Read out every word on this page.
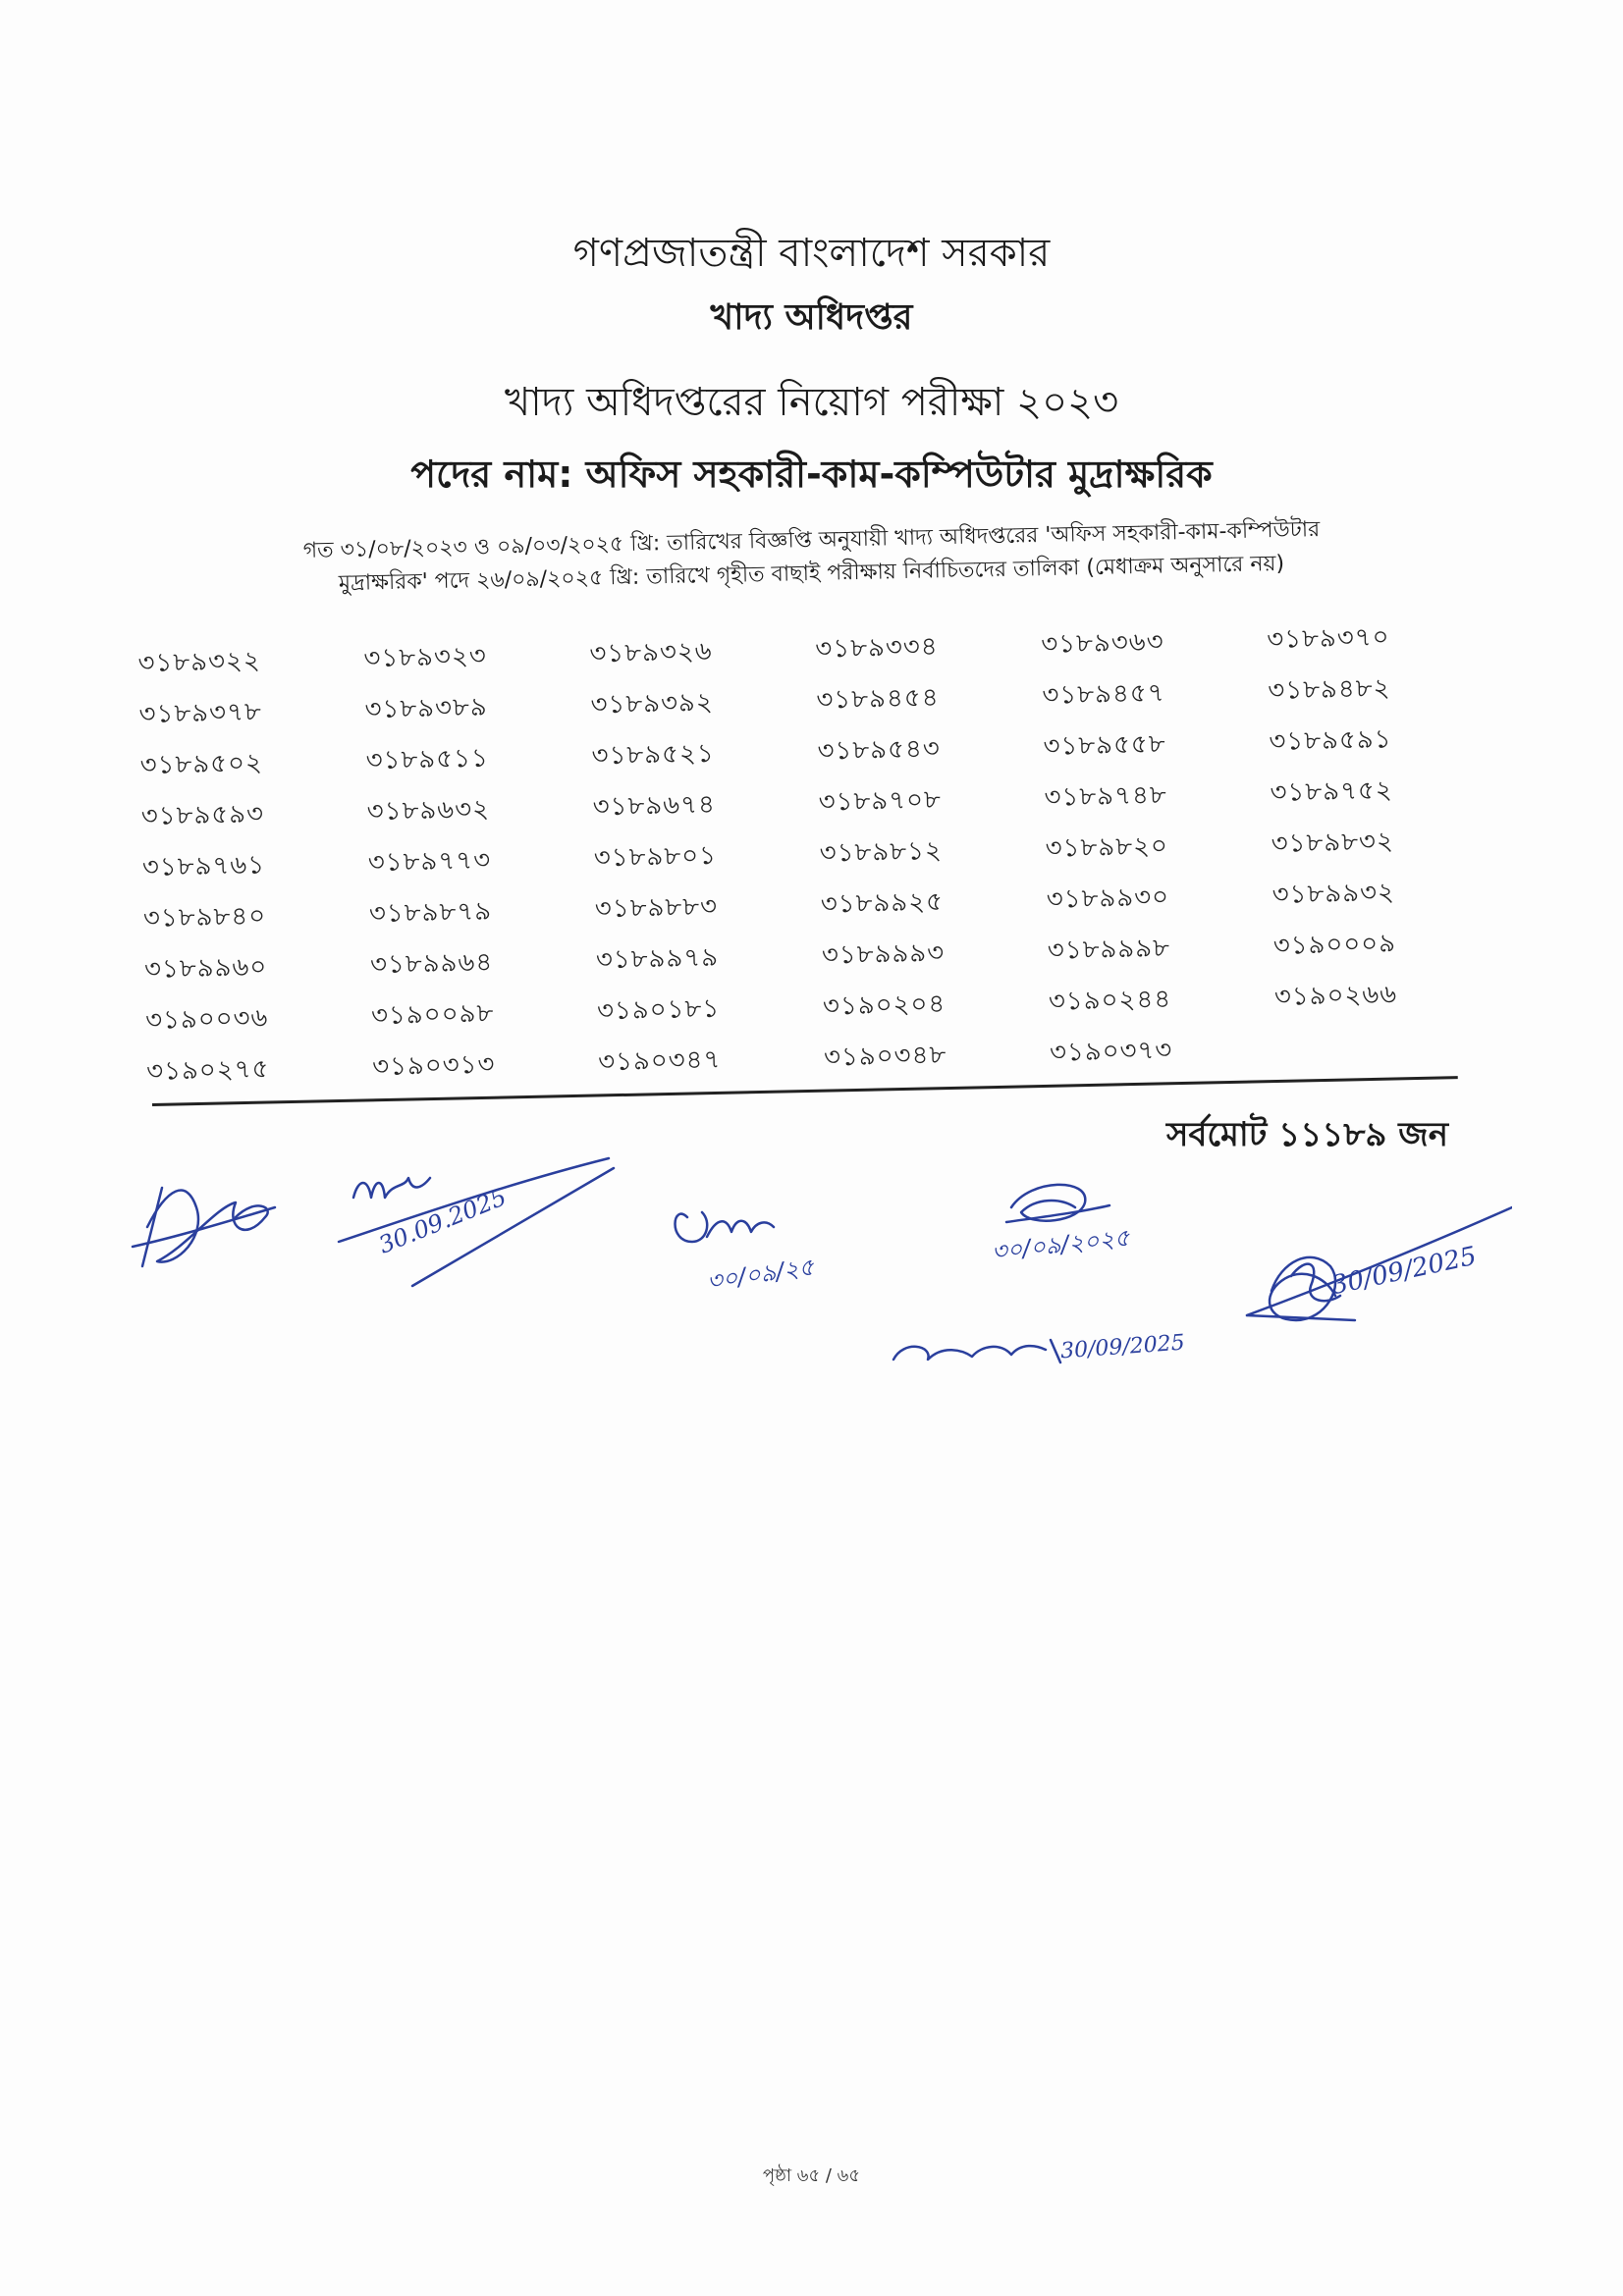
গণপ্রজাতন্ত্রী বাংলাদেশ সরকার
খাদ্য অধিদপ্তর
খাদ্য অধিদপ্তরের নিয়োগ পরীক্ষা ২০২৩
পদের নাম: অফিস সহকারী-কাম-কম্পিউটার মুদ্রাক্ষরিক
গত ৩১/০৮/২০২৩ ও ০৯/০৩/২০২৫ খ্রি: তারিখের বিজ্ঞপ্তি অনুযায়ী খাদ্য অধিদপ্তরের 'অফিস সহকারী-কাম-কম্পিউটার
মুদ্রাক্ষরিক' পদে ২৬/০৯/২০২৫ খ্রি: তারিখে গৃহীত বাছাই পরীক্ষায় নির্বাচিতদের তালিকা (মেধাক্রম অনুসারে নয়)
৩১৮৯৩২২	৩১৮৯৩২৩	৩১৮৯৩২৬	৩১৮৯৩৩৪	৩১৮৯৩৬৩	৩১৮৯৩৭০
৩১৮৯৩৭৮	৩১৮৯৩৮৯	৩১৮৯৩৯২	৩১৮৯৪৫৪	৩১৮৯৪৫৭	৩১৮৯৪৮২
৩১৮৯৫০২	৩১৮৯৫১১	৩১৮৯৫২১	৩১৮৯৫৪৩	৩১৮৯৫৫৮	৩১৮৯৫৯১
৩১৮৯৫৯৩	৩১৮৯৬৩২	৩১৮৯৬৭৪	৩১৮৯৭০৮	৩১৮৯৭৪৮	৩১৮৯৭৫২
৩১৮৯৭৬১	৩১৮৯৭৭৩	৩১৮৯৮০১	৩১৮৯৮১২	৩১৮৯৮২০	৩১৮৯৮৩২
৩১৮৯৮৪০	৩১৮৯৮৭৯	৩১৮৯৮৮৩	৩১৮৯৯২৫	৩১৮৯৯৩০	৩১৮৯৯৩২
৩১৮৯৯৬০	৩১৮৯৯৬৪	৩১৮৯৯৭৯	৩১৮৯৯৯৩	৩১৮৯৯৯৮	৩১৯০০০৯
৩১৯০০৩৬	৩১৯০০৯৮	৩১৯০১৮১	৩১৯০২০৪	৩১৯০২৪৪	৩১৯০২৬৬
৩১৯০২৭৫	৩১৯০৩১৩	৩১৯০৩৪৭	৩১৯০৩৪৮	৩১৯০৩৭৩
সর্বমোট ১১১৮৯ জন
30.09.2025
৩০/০৯/২৫
৩০/০৯/২০২৫
30/09/2025
30/09/2025
পৃষ্ঠা ৬৫ / ৬৫
